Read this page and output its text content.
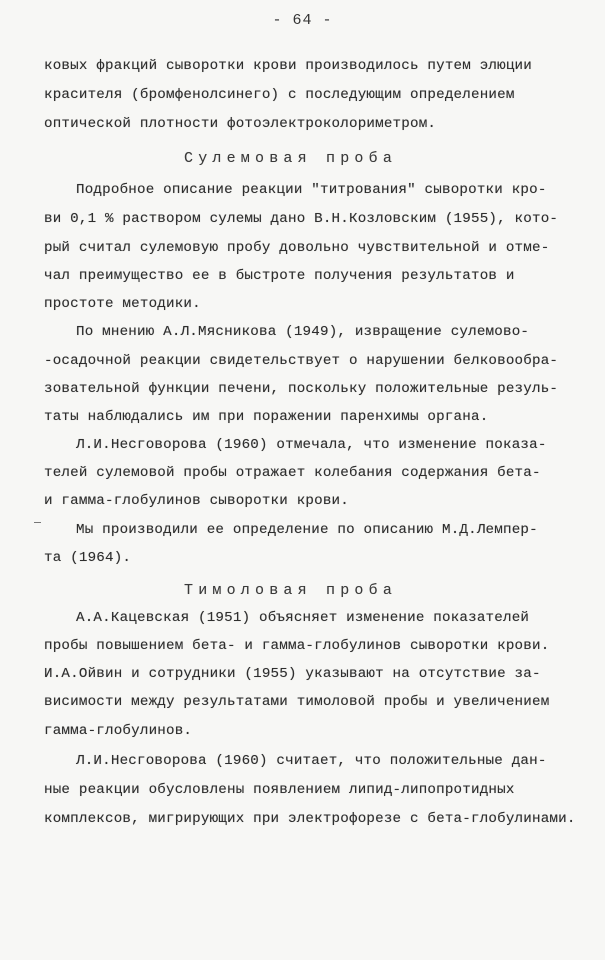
- 64 -
ковых фракций сыворотки крови производилось путем элюции
красителя (бромфенолсинего) с последующим определением
оптической плотности фотоэлектроколориметром.
Сулемовая проба
Подробное описание реакции "титрования" сыворотки кро-
ви 0,1 % раствором сулемы дано В.Н.Козловским (1955), кото-
рый считал сулемовую пробу довольно чувствительной и отме-
чал преимущество ее в быстроте получения результатов и
простоте методики.
По мнению А.Л.Мясникова (1949), извращение сулемово-
-осадочной реакции свидетельствует о нарушении белковообра-
зовательной функции печени, поскольку положительные резуль-
таты наблюдались им при поражении паренхимы органа.
Л.И.Несговорова (1960) отмечала, что изменение показа-
телей сулемовой пробы отражает колебания содержания бета-
и гамма-глобулинов сыворотки крови.
Мы производили ее определение по описанию М.Д.Лемпер-
та (1964).
Тимоловая проба
А.А.Кацевская (1951) объясняет изменение показателей
пробы повышением бета- и гамма-глобулинов сыворотки крови.
И.А.Ойвин и сотрудники (1955) указывают на отсутствие за-
висимости между результатами тимоловой пробы и увеличением
гамма-глобулинов.
Л.И.Несговорова (1960) считает, что положительные дан-
ные реакции обусловлены появлением липид-липопротидных
комплексов, мигрирующих при электрофорезе с бета-глобулинами.
